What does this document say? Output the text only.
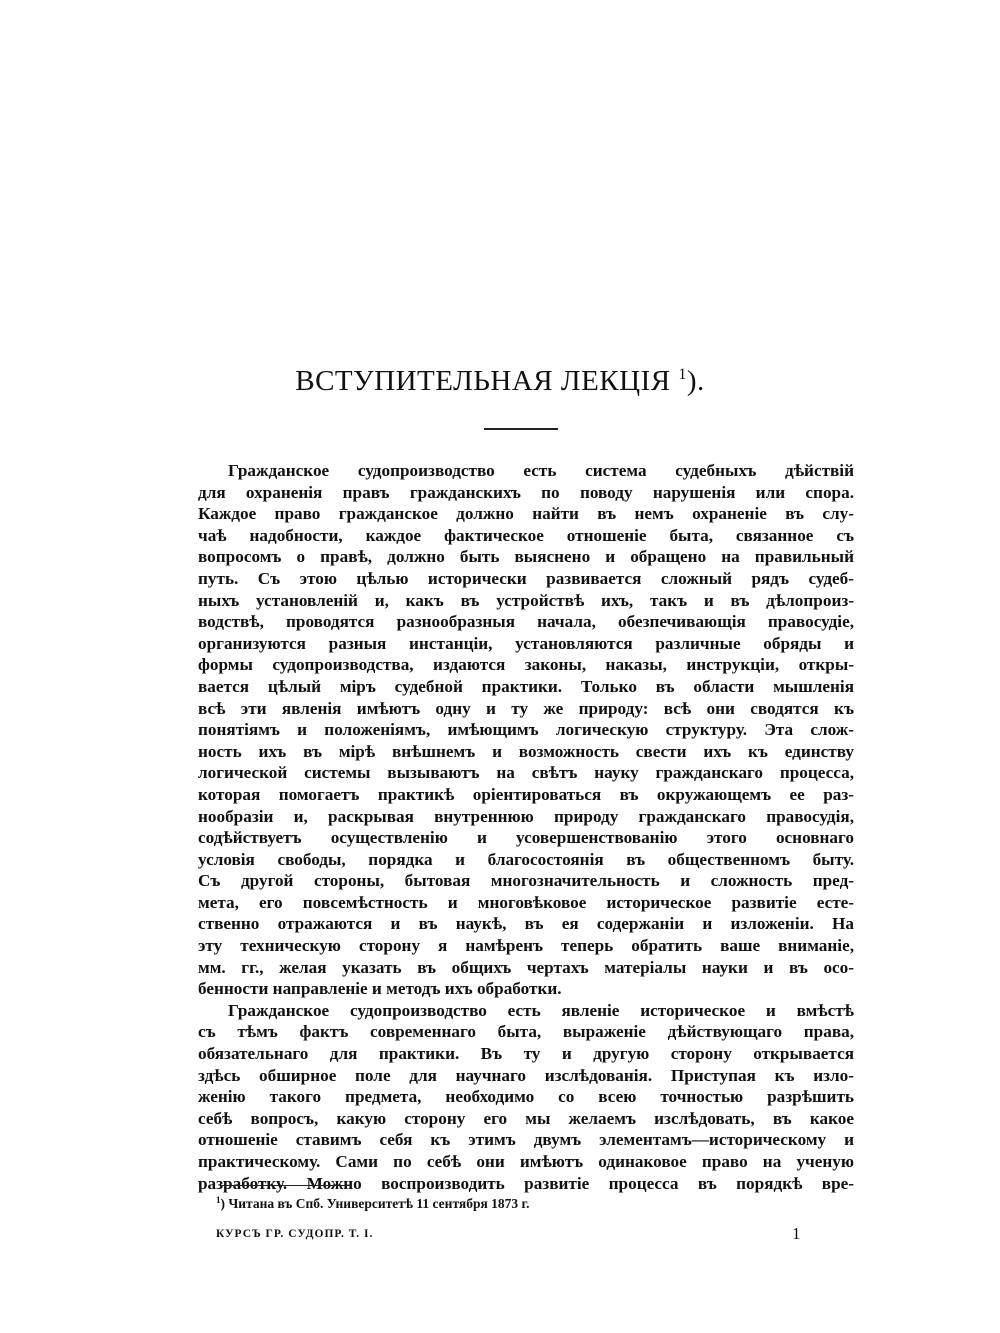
ВСТУПИТЕЛЬНАЯ ЛЕКЦІЯ $^1$).
Гражданское судопроизводство есть система судебныхъ дѣйствій
для охраненія правъ гражданскихъ по поводу нарушенія или спора.
Каждое право гражданское должно найти въ немъ охраненіе въ слу-
чаѣ надобности, каждое фактическое отношеніе быта, связанное съ
вопросомъ о правѣ, должно быть выяснено и обращено на правильный
путь. Съ этою цѣлью исторически развивается сложный рядъ судеб-
ныхъ установленій и, какъ въ устройствѣ ихъ, такъ и въ дѣлопроиз-
водствѣ, проводятся разнообразныя начала, обезпечивающія правосудіе,
организуются разныя инстанціи, установляются различные обряды и
формы судопроизводства, издаются законы, наказы, инструкціи, откры-
вается цѣлый міръ судебной практики. Только въ области мышленія
всѣ эти явленія имѣютъ одну и ту же природу: всѣ они сводятся къ
понятіямъ и положеніямъ, имѣющимъ логическую структуру. Эта слож-
ность ихъ въ мірѣ внѣшнемъ и возможность свести ихъ къ единству
логической системы вызываютъ на свѣтъ науку гражданскаго процесса,
которая помогаетъ практикѣ оріентироваться въ окружающемъ ее раз-
нообразіи и, раскрывая внутреннюю природу гражданскаго правосудія,
содѣйствуетъ осуществленію и усовершенствованію этого основнаго
условія свободы, порядка и благосостоянія въ общественномъ быту.
Съ другой стороны, бытовая многозначительность и сложность пред-
мета, его повсемѣстность и многовѣковое историческое развитіе есте-
ственно отражаются и въ наукѣ, въ ея содержаніи и изложеніи. На
эту техническую сторону я намѣренъ теперь обратить ваше вниманіе,
мм. гг., желая указать въ общихъ чертахъ матеріалы науки и въ осо-
бенности направленіе и методъ ихъ обработки.
Гражданское судопроизводство есть явленіе историческое и вмѣстѣ
съ тѣмъ фактъ современнаго быта, выраженіе дѣйствующаго права,
обязательнаго для практики. Въ ту и другую сторону открывается
здѣсь обширное поле для научнаго изслѣдованія. Приступая къ изло-
женію такого предмета, необходимо со всею точностью разрѣшить
себѣ вопросъ, какую сторону его мы желаемъ изслѣдовать, въ какое
отношеніе ставимъ себя къ этимъ двумъ элементамъ—историческому и
практическому. Сами по себѣ они имѣютъ одинаковое право на ученую
разработку. Можно воспроизводить развитіе процесса въ порядкѣ вре-
$^1$) Читана въ Спб. Университетѣ 11 сентября 1873 г.
КУРСЪ ГР. СУДОПР. Т. I.	1
